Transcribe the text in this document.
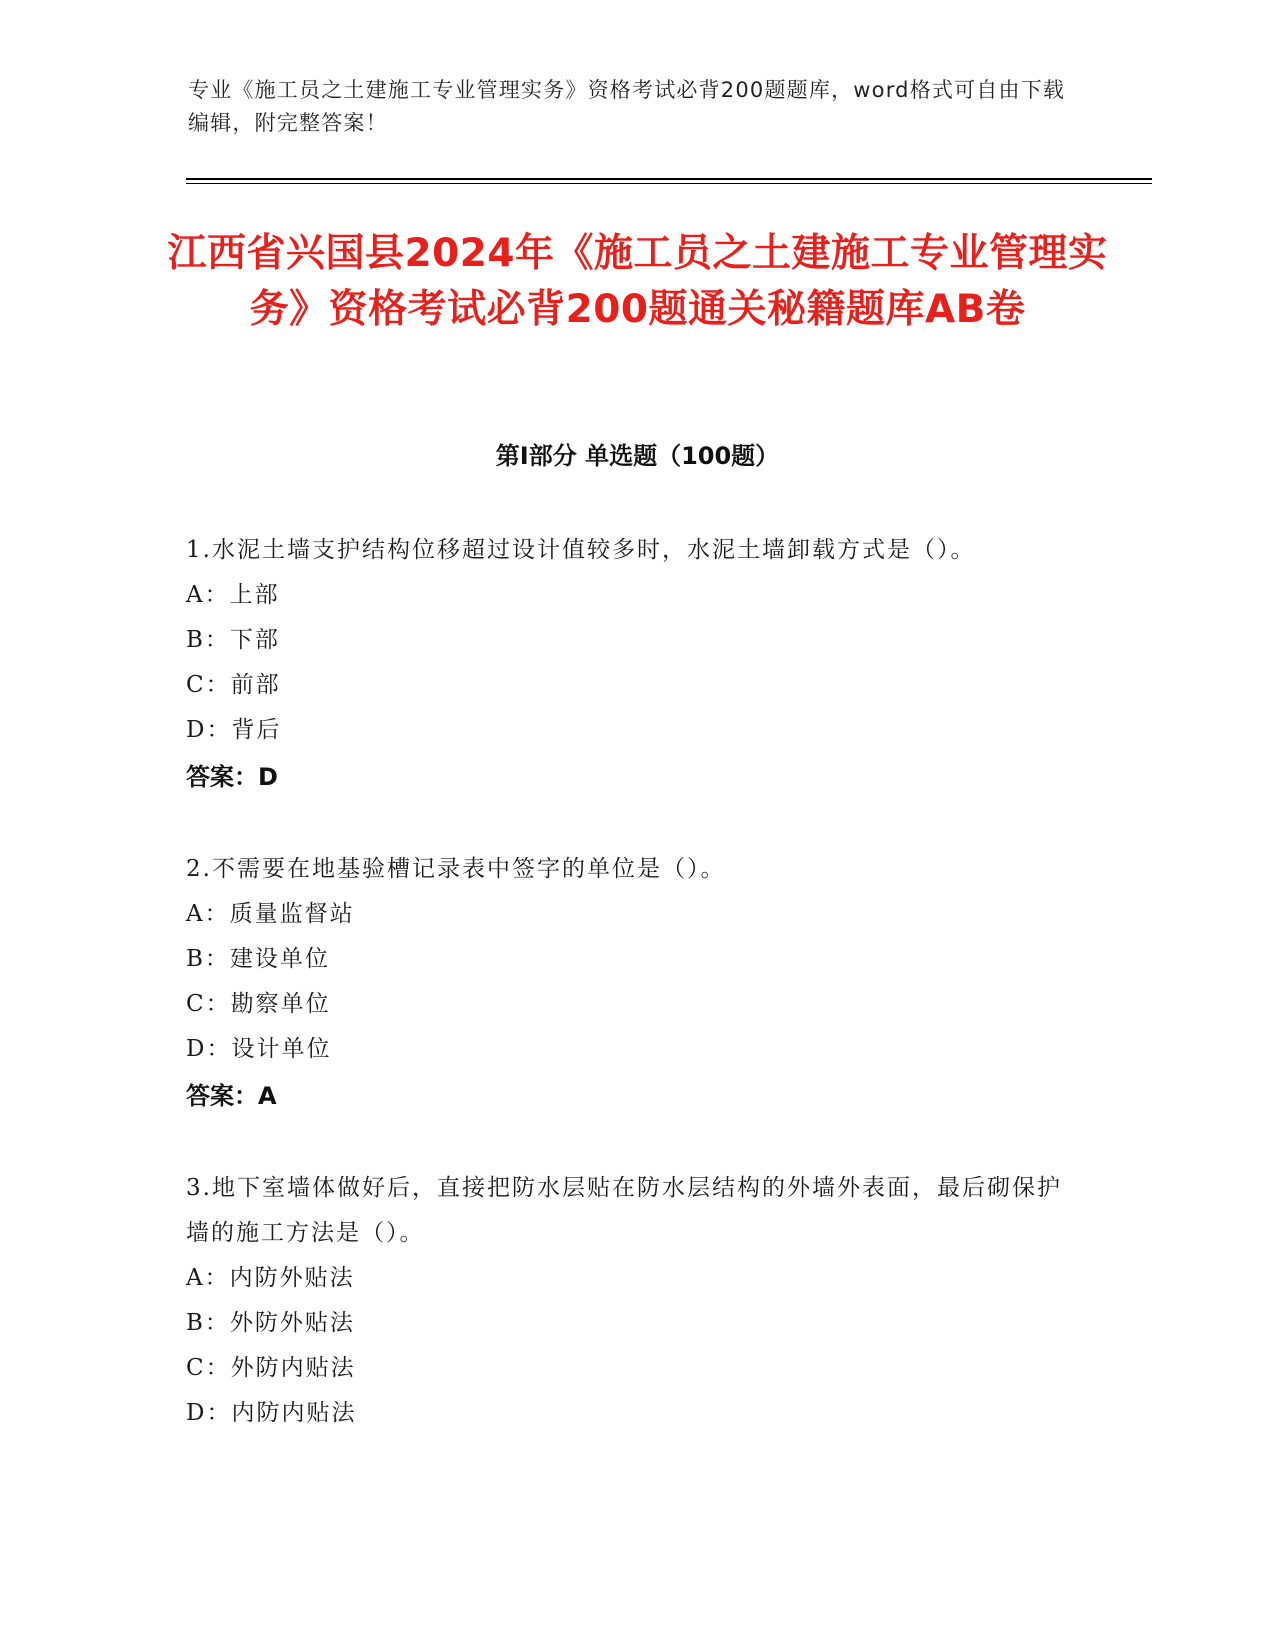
专业《施工员之土建施工专业管理实务》资格考试必背200题题库，word格式可自由下载编辑，附完整答案！
江西省兴国县2024年《施工员之土建施工专业管理实务》资格考试必背200题通关秘籍题库AB卷
第Ⅰ部分 单选题（100题）
1.水泥土墙支护结构位移超过设计值较多时，水泥土墙卸载方式是（）。
A：上部
B：下部
C：前部
D：背后
答案：D
2.不需要在地基验槽记录表中签字的单位是（）。
A：质量监督站
B：建设单位
C：勘察单位
D：设计单位
答案：A
3.地下室墙体做好后，直接把防水层贴在防水层结构的外墙外表面，最后砌保护墙的施工方法是（）。
A：内防外贴法
B：外防外贴法
C：外防内贴法
D：内防内贴法
